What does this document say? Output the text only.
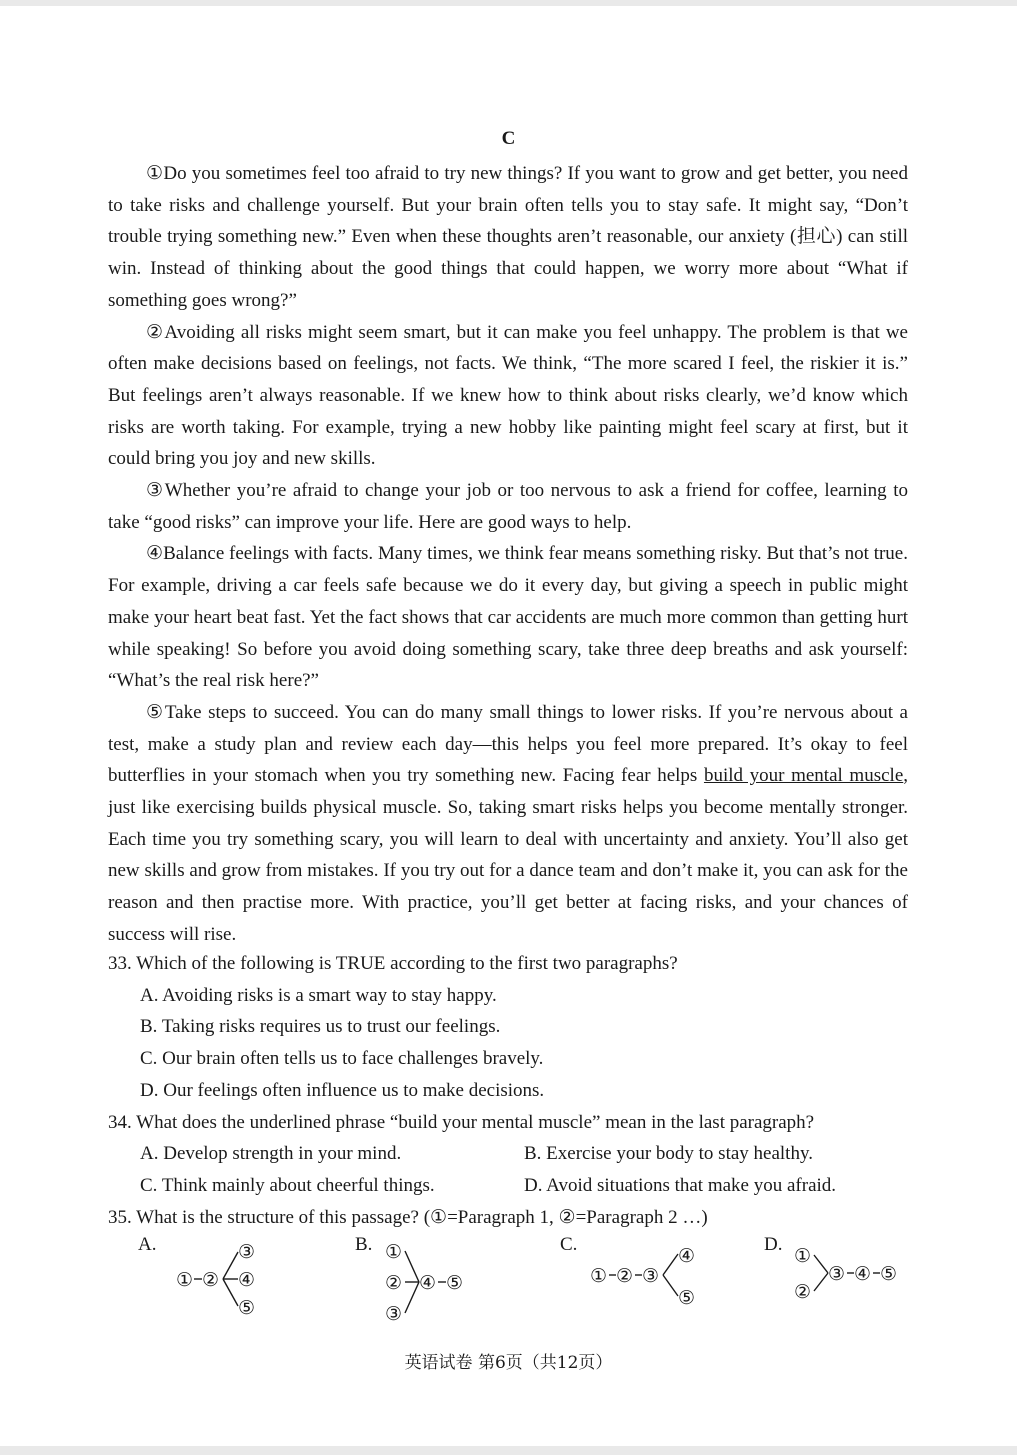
C

①Do you sometimes feel too afraid to try new things? If you want to grow and get better, you need to take risks and challenge yourself. But your brain often tells you to stay safe. It might say, “Don’t trouble trying something new.” Even when these thoughts aren’t reasonable, our anxiety (担心) can still win. Instead of thinking about the good things that could happen, we worry more about “What if something goes wrong?”

②Avoiding all risks might seem smart, but it can make you feel unhappy. The problem is that we often make decisions based on feelings, not facts. We think, “The more scared I feel, the riskier it is.” But feelings aren’t always reasonable. If we knew how to think about risks clearly, we’d know which risks are worth taking. For example, trying a new hobby like painting might feel scary at first, but it could bring you joy and new skills.

③Whether you’re afraid to change your job or too nervous to ask a friend for coffee, learning to take “good risks” can improve your life. Here are good ways to help.

④Balance feelings with facts. Many times, we think fear means something risky. But that’s not true. For example, driving a car feels safe because we do it every day, but giving a speech in public might make your heart beat fast. Yet the fact shows that car accidents are much more common than getting hurt while speaking! So before you avoid doing something scary, take three deep breaths and ask yourself: “What’s the real risk here?”

⑤Take steps to succeed. You can do many small things to lower risks. If you’re nervous about a test, make a study plan and review each day—this helps you feel more prepared. It’s okay to feel butterflies in your stomach when you try something new. Facing fear helps build your mental muscle, just like exercising builds physical muscle. So, taking smart risks helps you become mentally stronger. Each time you try something scary, you will learn to deal with uncertainty and anxiety. You’ll also get new skills and grow from mistakes. If you try out for a dance team and don’t make it, you can ask for the reason and then practise more. With practice, you’ll get better at facing risks, and your chances of success will rise.

33. Which of the following is TRUE according to the first two paragraphs?

A. Avoiding risks is a smart way to stay happy.

B. Taking risks requires us to trust our feelings.

C. Our brain often tells us to face challenges bravely.

D. Our feelings often influence us to make decisions.

34. What does the underlined phrase “build your mental muscle” mean in the last paragraph?

A. Develop strength in your mind.	B. Exercise your body to stay healthy.
C. Think mainly about cheerful things.	D. Avoid situations that make you afraid.

35. What is the structure of this passage? (①=Paragraph 1, ②=Paragraph 2 …)

A.
① ②
③
④
⑤
B. ①
②
③
④ ⑤
C.
① ② ③
④
⑤
D.
①
②
③ ④ ⑤
英语试卷 第6页（共12页）
